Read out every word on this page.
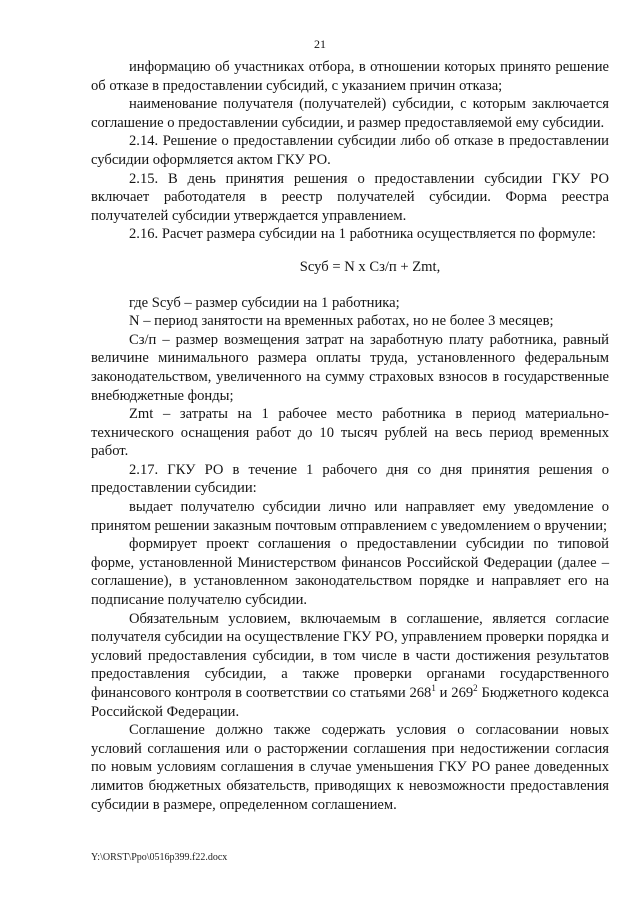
21

информацию об участниках отбора, в отношении которых принято решение об отказе в предоставлении субсидий, с указанием причин отказа;

наименование получателя (получателей) субсидии, с которым заключается соглашение о предоставлении субсидии, и размер предоставляемой ему субсидии.

2.14. Решение о предоставлении субсидии либо об отказе в предоставлении субсидии оформляется актом ГКУ РО.

2.15. В день принятия решения о предоставлении субсидии ГКУ РО включает работодателя в реестр получателей субсидии. Форма реестра получателей субсидии утверждается управлением.

2.16. Расчет размера субсидии на 1 работника осуществляется по формуле:

Sсуб = N х Сз/п + Zmt,

где Sсуб – размер субсидии на 1 работника;

N – период занятости на временных работах, но не более 3 месяцев;

Сз/п – размер возмещения затрат на заработную плату работника, равный величине минимального размера оплаты труда, установленного федеральным законодательством, увеличенного на сумму страховых взносов в государственные внебюджетные фонды;

Zmt – затраты на 1 рабочее место работника в период материально-технического оснащения работ до 10 тысяч рублей на весь период временных работ.

2.17. ГКУ РО в течение 1 рабочего дня со дня принятия решения о предоставлении субсидии:

выдает получателю субсидии лично или направляет ему уведомление о принятом решении заказным почтовым отправлением с уведомлением о вручении;

формирует проект соглашения о предоставлении субсидии по типовой форме, установленной Министерством финансов Российской Федерации (далее – соглашение), в установленном законодательством порядке и направляет его на подписание получателю субсидии.

Обязательным условием, включаемым в соглашение, является согласие получателя субсидии на осуществление ГКУ РО, управлением проверки порядка и условий предоставления субсидии, в том числе в части достижения результатов предоставления субсидии, а также проверки органами государственного финансового контроля в соответствии со статьями $268^1$ и $269^2$ Бюджетного кодекса Российской Федерации.

Соглашение должно также содержать условия о согласовании новых условий соглашения или о расторжении соглашения при недостижении согласия по новым условиям соглашения в случае уменьшения ГКУ РО ранее доведенных лимитов бюджетных обязательств, приводящих к невозможности предоставления субсидии в размере, определенном соглашением.

Y:\ORST\Ppo\0516p399.f22.docx
